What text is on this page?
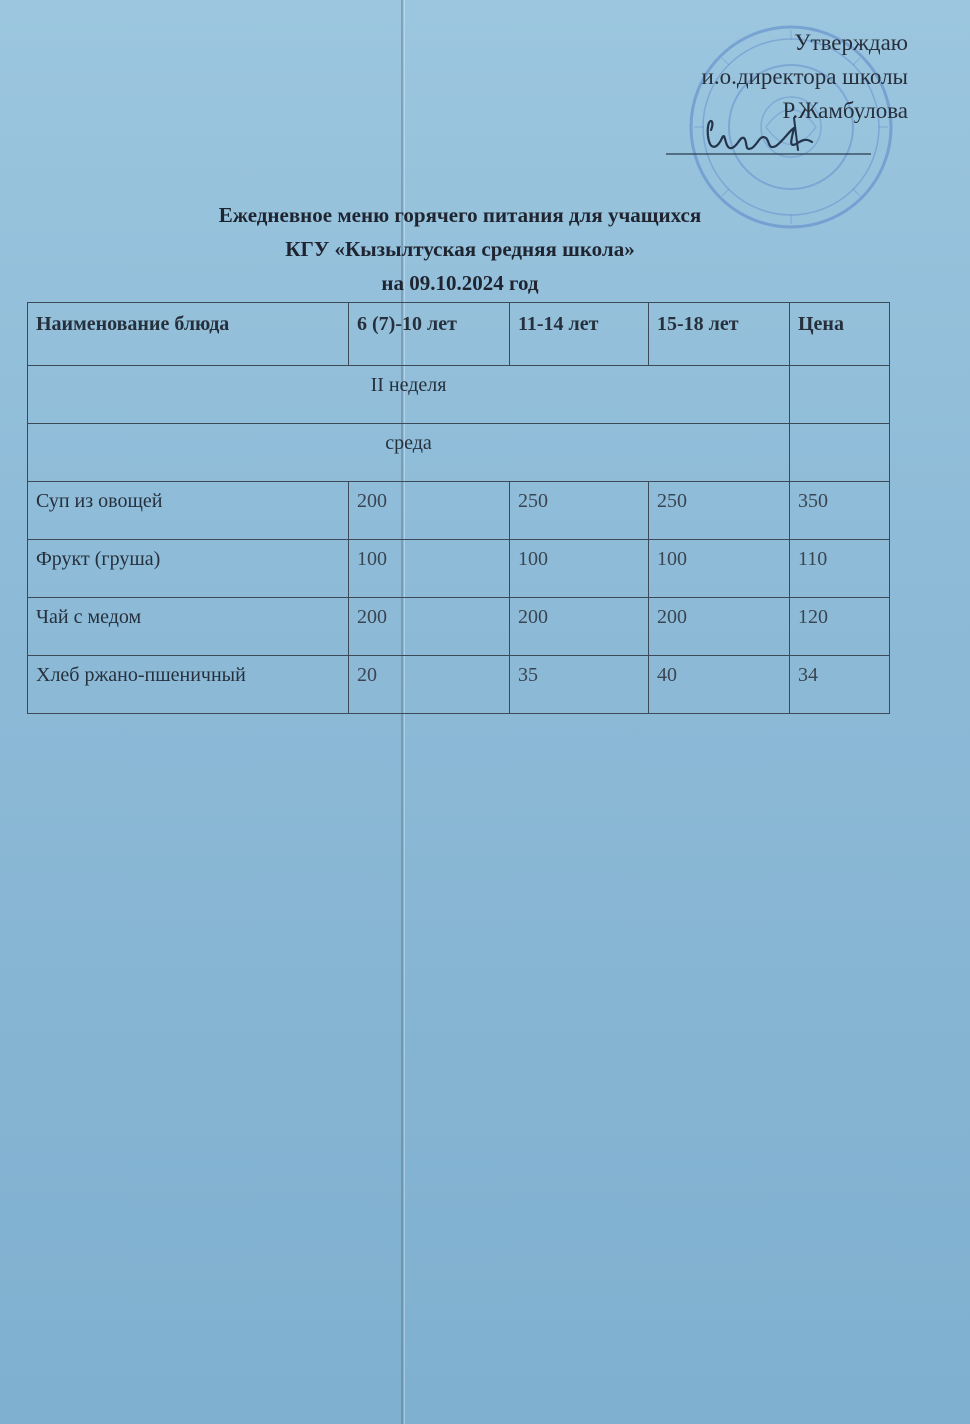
Утверждаю
и.о.директора школы
Р.Жамбулова
Ежедневное меню горячего питания для учащихся
КГУ «Кызылтуская средняя школа»
на 09.10.2024 год
Наименование блюда	6 (7)-10 лет	11-14 лет	15-18 лет	Цена
II неделя				
среда				
Суп из овощей	200	250	250	350
Фрукт (груша)	100	100	100	110
Чай с медом	200	200	200	120
Хлеб ржано-пшеничный	20	35	40	34
